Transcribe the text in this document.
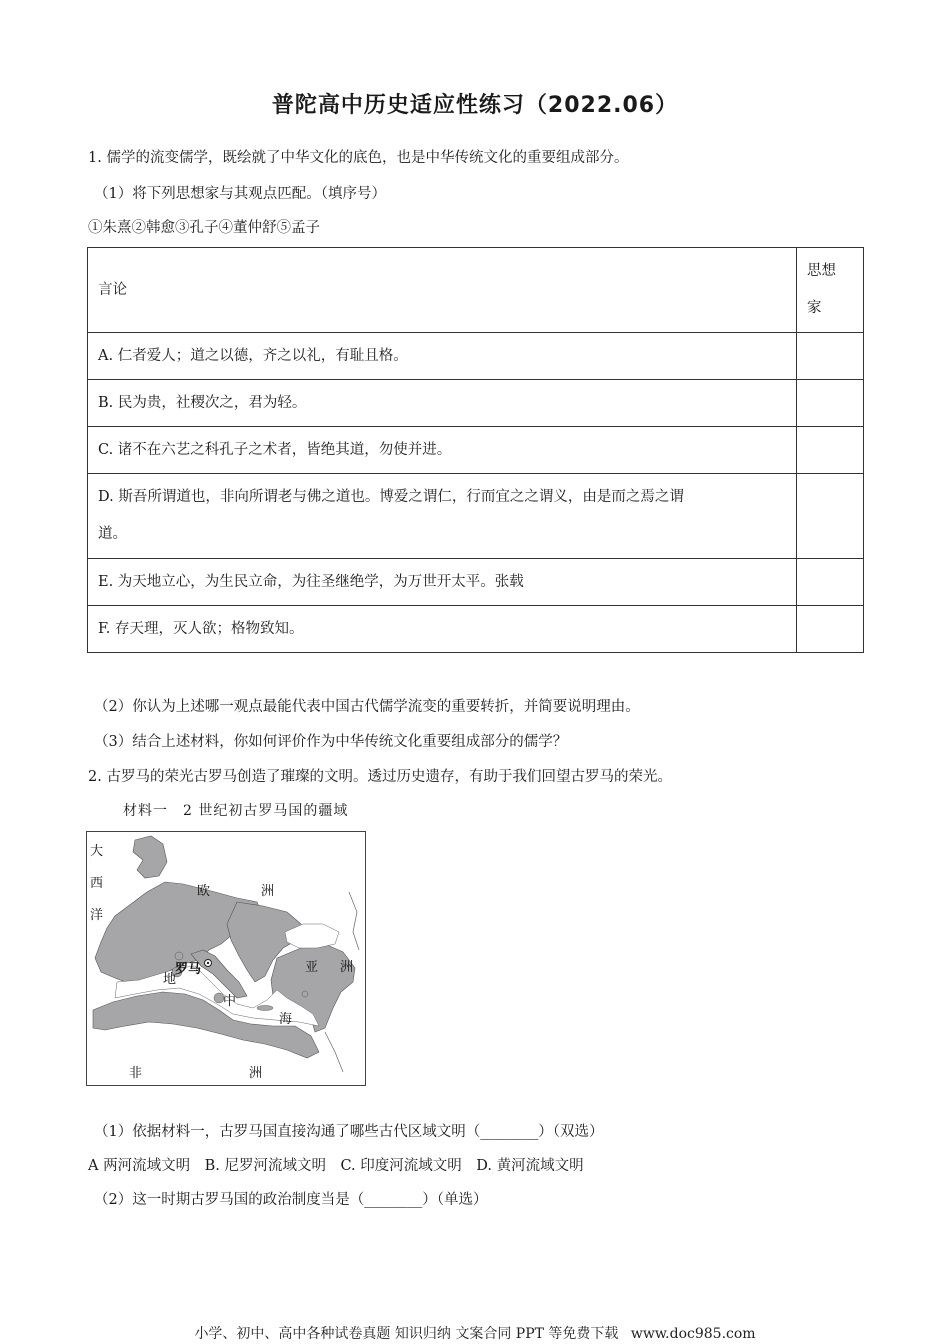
普陀高中历史适应性练习（2022.06）
1. 儒学的流变儒学，既绘就了中华文化的底色，也是中华传统文化的重要组成部分。
（1）将下列思想家与其观点匹配。（填序号）
①朱熹②韩愈③孔子④董仲舒⑤孟子
言论	思想
家

A. 仁者爱人；道之以德，齐之以礼，有耻且格。	
B. 民为贵，社稷次之，君为轻。	
C. 诸不在六艺之科孔子之术者，皆绝其道，勿使并进。	

D. 斯吾所谓道也，非向所谓老与佛之道也。博爱之谓仁，行而宜之之谓义，由是而之焉之谓
道。	

E. 为天地立心，为生民立命，为往圣继绝学，为万世开太平。张载	
F. 存天理，灭人欲；格物致知。	
（2）你认为上述哪一观点最能代表中国古代儒学流变的重要转折，并简要说明理由。
（3）结合上述材料，你如何评价作为中华传统文化重要组成部分的儒学？
2. 古罗马的荣光古罗马创造了璀璨的文明。透过历史遗存，有助于我们回望古罗马的荣光。
材料一　2 世纪初古罗马国的疆域
大
西
洋
欧	洲
罗马	亚 洲
地
中
海
非	洲
（1）依据材料一，古罗马国直接沟通了哪些古代区域文明（________）（双选）
A 两河流域文明　B. 尼罗河流域文明　C. 印度河流域文明　D. 黄河流域文明
（2）这一时期古罗马国的政治制度当是（________）（单选）
小学、初中、高中各种试卷真题 知识归纳 文案合同 PPT 等免费下载 www.doc985.com
